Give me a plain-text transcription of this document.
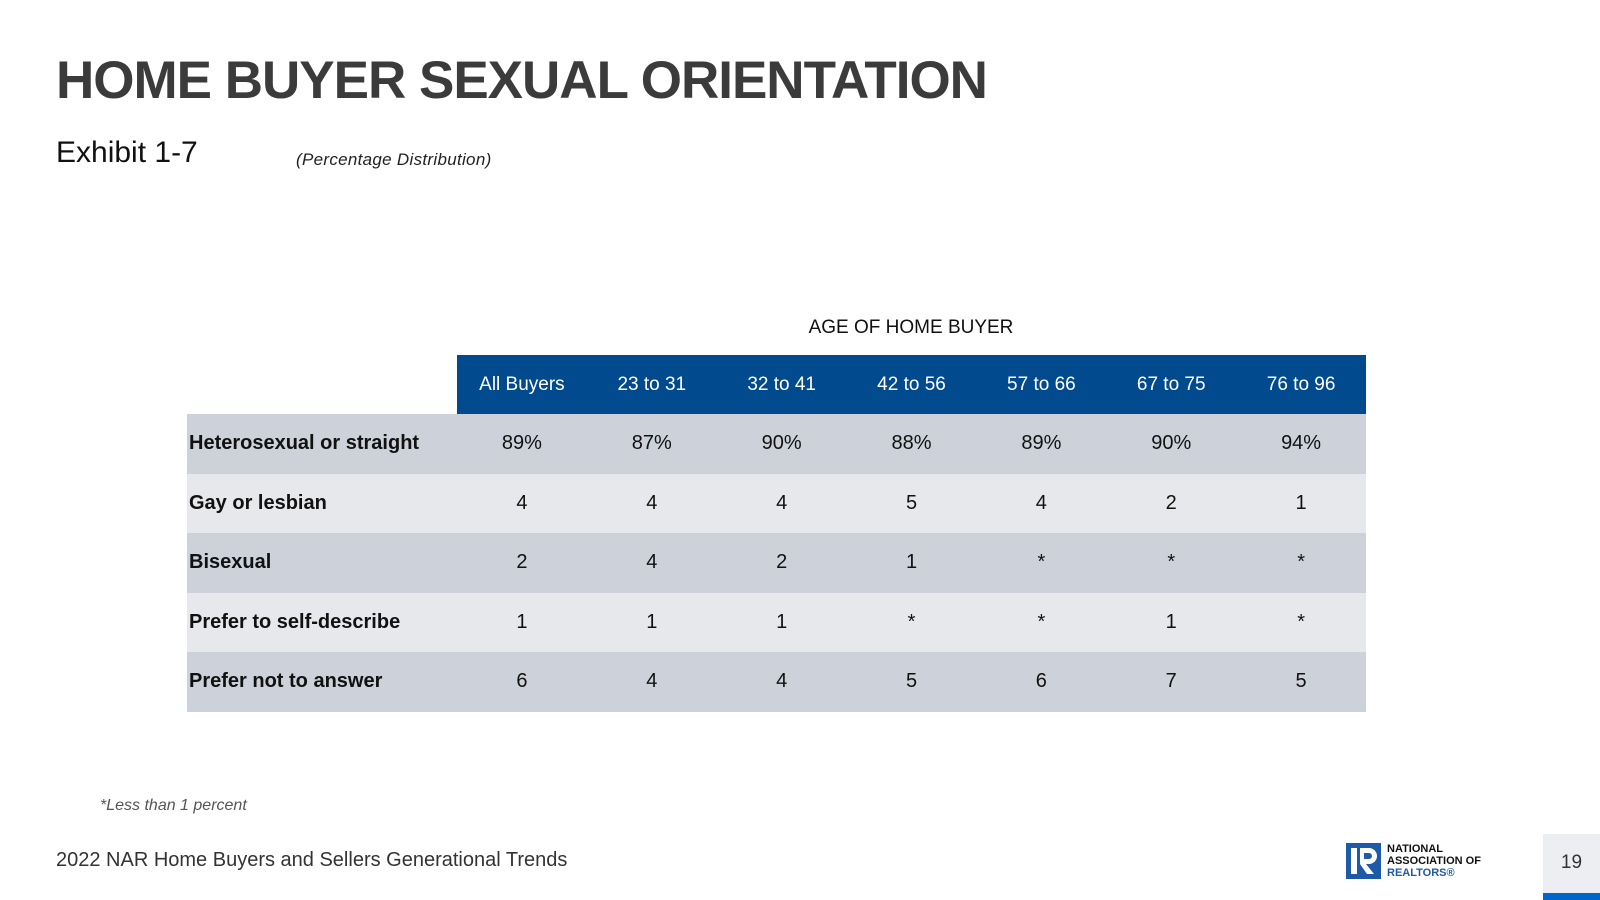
HOME BUYER SEXUAL ORIENTATION
Exhibit 1-7	(Percentage Distribution)
AGE OF HOME BUYER
All Buyers	23 to 31	32 to 41	42 to 56	57 to 66	67 to 75	76 to 96
Heterosexual or straight	89%	87%	90%	88%	89%	90%	94%
Gay or lesbian	4	4	4	5	4	2	1
Bisexual	2	4	2	1	*	*	*
Prefer to self-describe	1	1	1	*	*	1	*
Prefer not to answer	6	4	4	5	6	7	5
*Less than 1 percent
2022 NAR Home Buyers and Sellers Generational Trends	NATIONAL
ASSOCIATION OF
REALTORS®	19
